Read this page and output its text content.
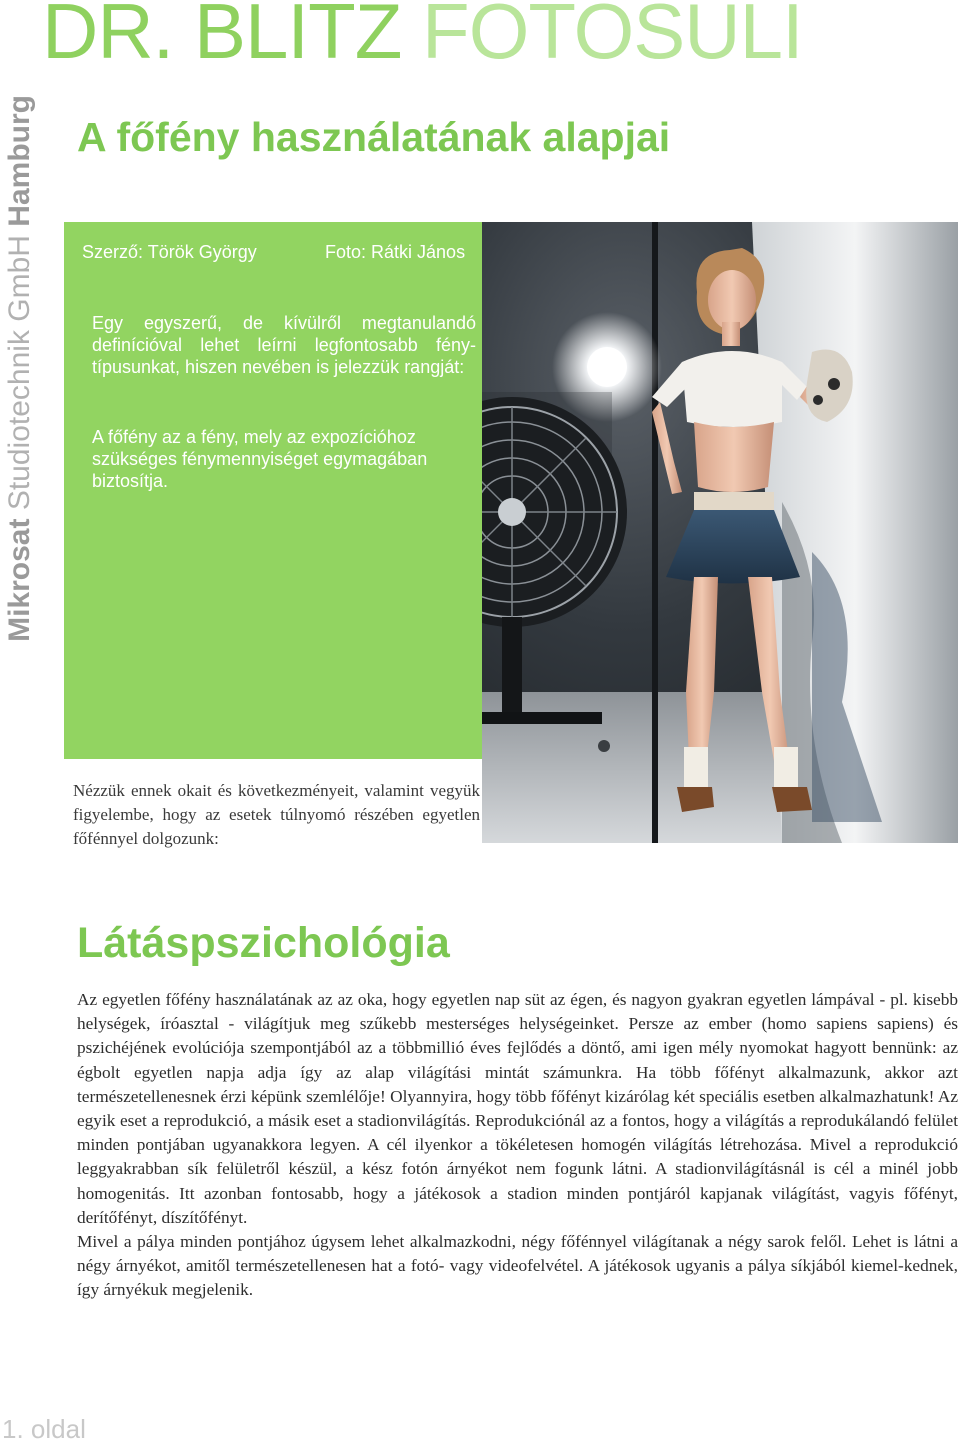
DR. BLITZ FOTOSULI
Mikrosat Studiotechnik GmbH Hamburg A főfény használatának alapjai
Szerző: Török György	Foto: Rátki János

Egy egyszerű, de kívülről megtanulandó definícióval lehet leírni legfontosabb fénytípusunkat, hiszen nevében is jelezzük rangját:

A főfény az a fény, mely az expozícióhoz szükséges fénymennyiséget egymagában biztosítja.

Nézzük ennek okait és következményeit, valamint vegyük figyelembe, hogy az esetek túlnyomó részében egyetlen főfénnyel dolgozunk:

Látáspszichológia

Az egyetlen főfény használatának az az oka, hogy egyetlen nap süt az égen, és nagyon gyakran egyetlen lámpával - pl. kisebb helységek, íróasztal - világítjuk meg szűkebb mesterséges helységeinket. Persze az ember (homo sapiens sapiens) és pszichéjének evolúciója szempontjából az a többmillió éves fejlődés a döntő, ami igen mély nyomokat hagyott bennünk: az égbolt egyetlen napja adja így az alap világítási mintát számunkra. Ha több főfényt alkalmazunk, akkor azt természetellenesnek érzi képünk szemlélője! Olyannyira, hogy több főfényt kizárólag két speciális esetben alkalmazhatunk! Az egyik eset a reprodukció, a másik eset a stadionvilágítás. Reprodukciónál az a fontos, hogy a világítás a reprodukálandó felület minden pontjában ugyanakkora legyen. A cél ilyenkor a tökéletesen homogén világítás létrehozása. Mivel a reprodukció leggyakrabban sík felületről készül, a kész fotón árnyékot nem fogunk látni. A stadionvilágításnál is cél a minél jobb homogenitás. Itt azonban fontosabb, hogy a játékosok a stadion minden pontjáról kapjanak világítást, vagyis főfényt, derítőfényt, díszítőfényt.

Mivel a pálya minden pontjához úgysem lehet alkalmazkodni, négy főfénnyel világítanak a négy sarok felől. Lehet is látni a négy árnyékot, amitől természetellenesen hat a fotó- vagy videofelvétel. A játékosok ugyanis a pálya síkjából kiemel-kednek, így árnyékuk megjelenik.

1. oldal
